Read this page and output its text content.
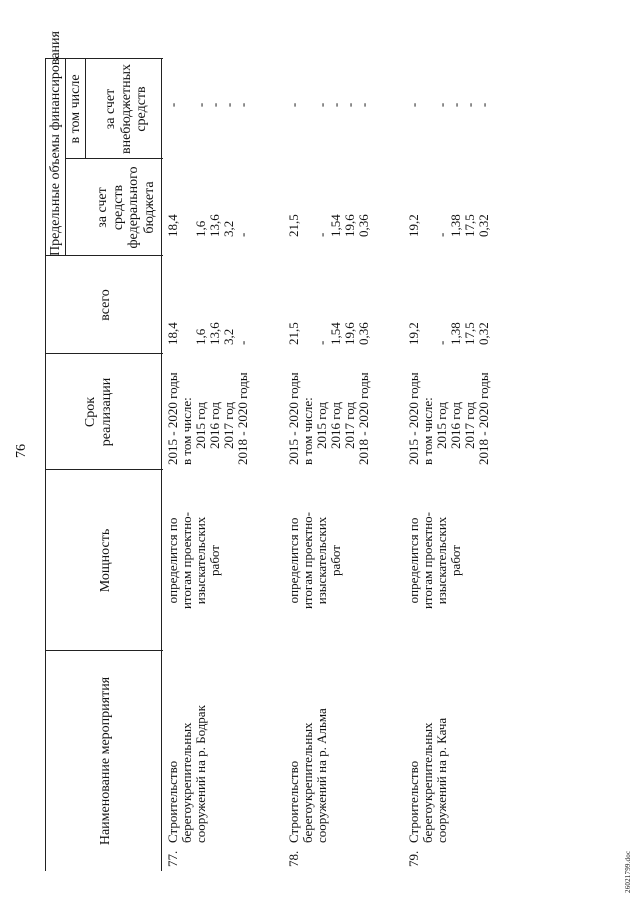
76
Наименование мероприятия
Мощность
Срок реализации
Предельные объемы финансирования
всего
в том числе
за счет средств федерального бюджета
за счет внебюджетных средств
77.
Строительство берегоукрепительных сооружений на р. Бодрак
определится по итогам проектно- изыскательских работ
2015 - 2020 годы в том числе: 2015 год 2016 год 2017 год 2018 - 2020 годы
18,4
1,6 13,6 3,2 -
18,4
1,6 13,6 3,2 -
-
- - - -
78.
Строительство берегоукрепительных сооружений на р. Альма
определится по итогам проектно- изыскательских работ
2015 - 2020 годы в том числе: 2015 год 2016 год 2017 год 2018 - 2020 годы
21,5
- 1,54 19,6 0,36
21,5
- 1,54 19,6 0,36
-
- - - -
79.
Строительство берегоукрепительных сооружений на р. Кача
определится по итогам проектно- изыскательских работ
2015 - 2020 годы в том числе: 2015 год 2016 год 2017 год 2018 - 2020 годы
19,2
- 1,38 17,5 0,32
19,2
- 1,38 17,5 0,32
-
- - - -
26021799.doc
